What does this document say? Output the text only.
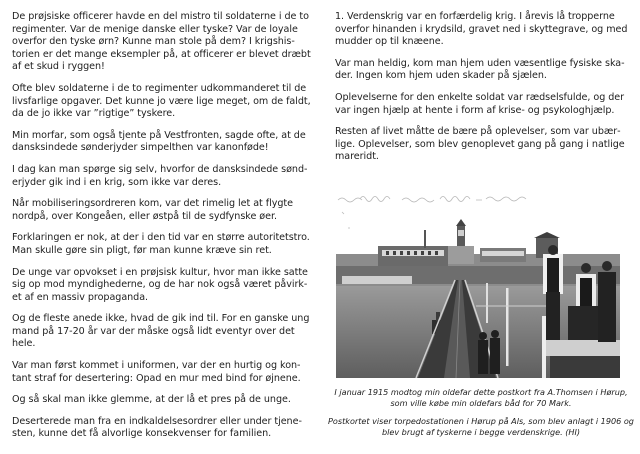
De prøjsiske officerer havde en del mistro til soldaterne i de to regimenter. Var de menige danske eller tyske? Var de loyale overfor den tyske ørn? Kunne man stole på dem? I krigshistorien er det mange eksempler på, at officerer er blevet dræbt af et skud i ryggen!

Ofte blev soldaterne i de to regimenter udkommanderet til de livsfarlige opgaver. Det kunne jo være lige meget, om de faldt, da de jo ikke var ”rigtige” tyskere.

Min morfar, som også tjente på Vestfronten, sagde ofte, at de dansksindede sønderjyder simpelthen var kanonføde!

I dag kan man spørge sig selv, hvorfor de dansksindede sønderjyder gik ind i en krig, som ikke var deres.

Når mobiliseringsordreren kom, var det rimelig let at flygte nordpå, over Kongeåen, eller østpå til de sydfynske øer.

Forklaringen er nok, at der i den tid var en større autoritetstro. Man skulle gøre sin pligt, før man kunne kræve sin ret.

De unge var opvokset i en prøjsisk kultur, hvor man ikke satte sig op mod myndighederne, og de har nok også været påvirket af en massiv propaganda.

Og de fleste anede ikke, hvad de gik ind til. For en ganske ung mand på 17-20 år var der måske også lidt eventyr over det hele.

Var man først kommet i uniformen, var der en hurtig og kontant straf for desertering: Opad en mur med bind for øjnene.

Og så skal man ikke glemme, at der lå et pres på de unge.

Deserterede man fra en indkaldelsesordrer eller under tjenesten, kunne det få alvorlige konsekvenser for familien.

1. Verdenskrig var en forfærdelig krig. I årevis lå tropperne overfor hinanden i krydsild, gravet ned i skyttegrave, og med mudder op til knæene.

Var man heldig, kom man hjem uden væsentlige fysiske skader. Ingen kom hjem uden skader på sjælen.

Oplevelserne for den enkelte soldat var rædselsfulde, og der var ingen hjælp at hente i form af krise- og psykologhjælp.

Resten af livet måtte de bære på oplevelser, som var ubærlige. Oplevelser, som blev genoplevet gang på gang i natlige mareridt.

I januar 1915 modtog min oldefar dette postkort fra A.Thomsen i Hørup, som ville købe min oldefars båd for 70 Mark.

Postkortet viser torpedostationen i Hørup på Als, som blev anlagt i 1906 og blev brugt af tyskerne i begge verdenskrige. (HI)
